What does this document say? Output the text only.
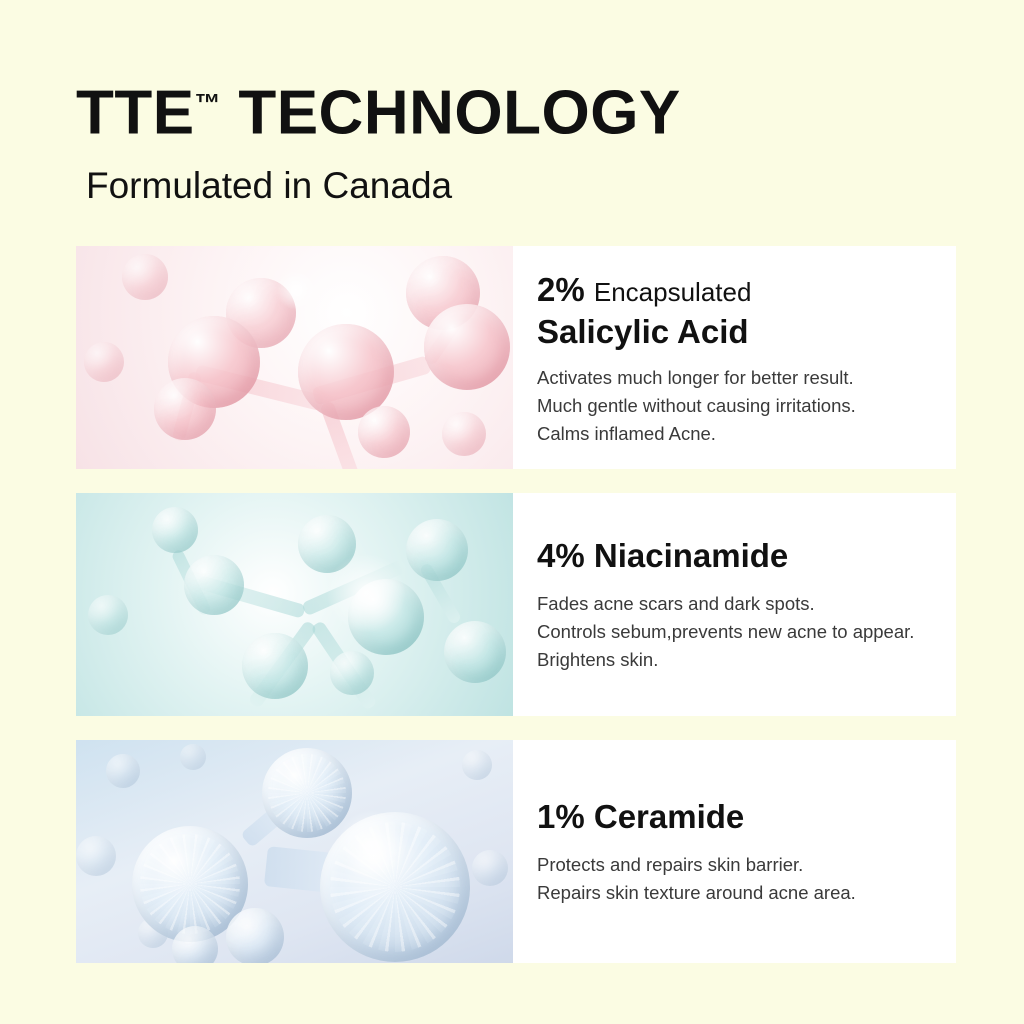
TTE™ TECHNOLOGY
Formulated in Canada
2% Encapsulated
Salicylic Acid
Activates much longer for better result.
Much gentle without causing irritations.
Calms inflamed Acne.
4% Niacinamide
Fades acne scars and dark spots.
Controls sebum,prevents new acne to appear.
Brightens skin.
1% Ceramide
Protects and repairs skin barrier.
Repairs skin texture around acne area.
